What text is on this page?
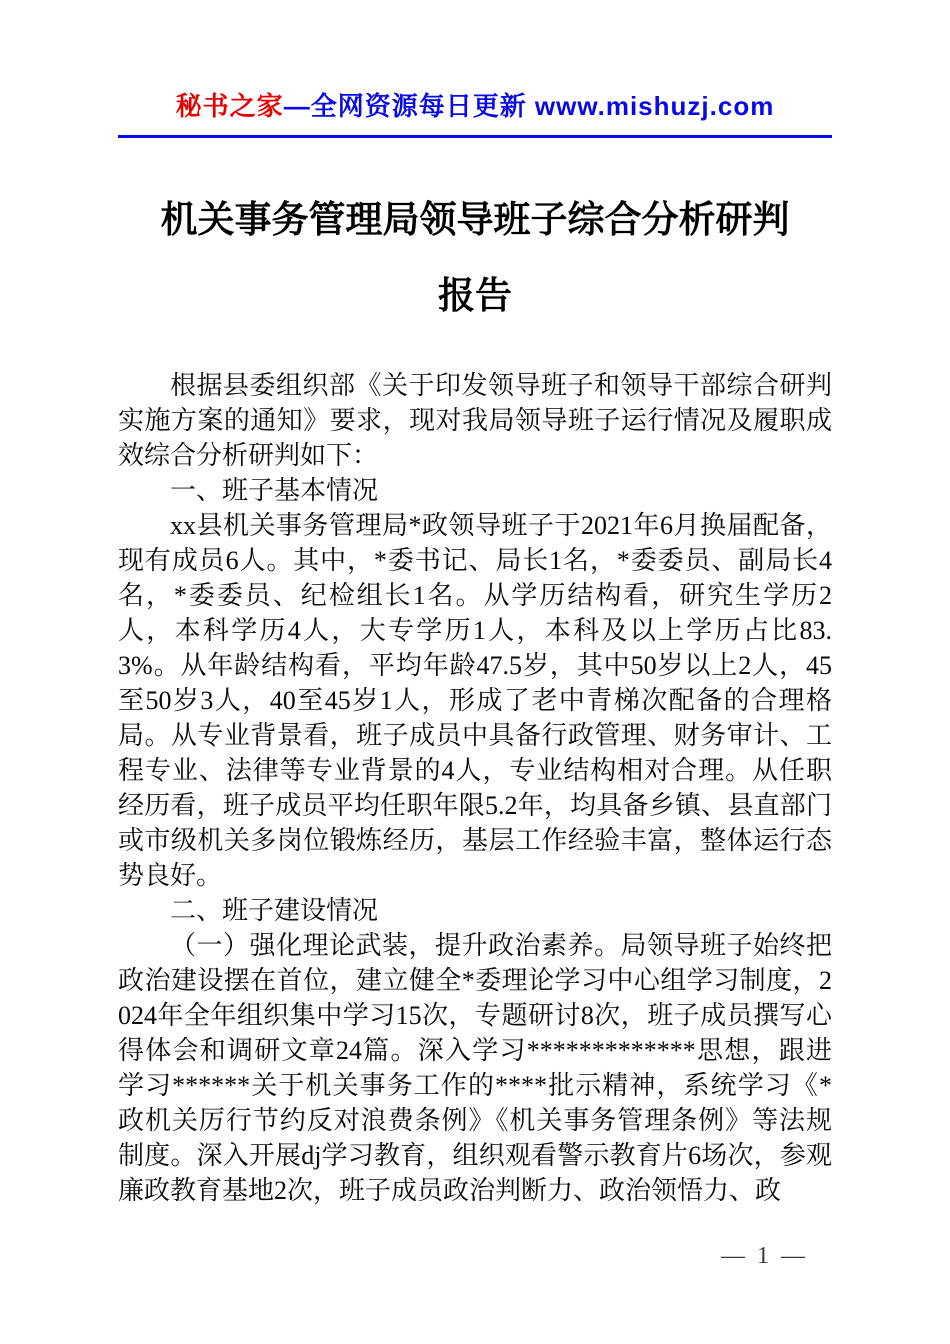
秘书之家—全网资源每日更新 www.mishuzj.com
机关事务管理局领导班子综合分析研判
报告

根据县委组织部《关于印发领导班子和领导干部综合研判实施方案的通知》要求，现对我局领导班子运行情况及履职成效综合分析研判如下：

一、班子基本情况

xx县机关事务管理局*政领导班子于2021年6月换届配备，现有成员6人。其中，*委书记、局长1名，*委委员、副局长4名，*委委员、纪检组长1名。从学历结构看，研究生学历2人，本科学历4人，大专学历1人，本科及以上学历占比83.3%。从年龄结构看，平均年龄47.5岁，其中50岁以上2人，45至50岁3人，40至45岁1人，形成了老中青梯次配备的合理格局。从专业背景看，班子成员中具备行政管理、财务审计、工程专业、法律等专业背景的4人，专业结构相对合理。从任职经历看，班子成员平均任职年限5.2年，均具备乡镇、县直部门或市级机关多岗位锻炼经历，基层工作经验丰富，整体运行态势良好。

二、班子建设情况

（一）强化理论武装，提升政治素养。局领导班子始终把政治建设摆在首位，建立健全*委理论学习中心组学习制度，2024年全年组织集中学习15次，专题研讨8次，班子成员撰写心得体会和调研文章24篇。深入学习*************思想，跟进学习******关于机关事务工作的****批示精神，系统学习《*政机关厉行节约反对浪费条例》《机关事务管理条例》等法规制度。深入开展dj学习教育，组织观看警示教育片6场次，参观廉政教育基地2次，班子成员政治判断力、政治领悟力、政

— 1 —
